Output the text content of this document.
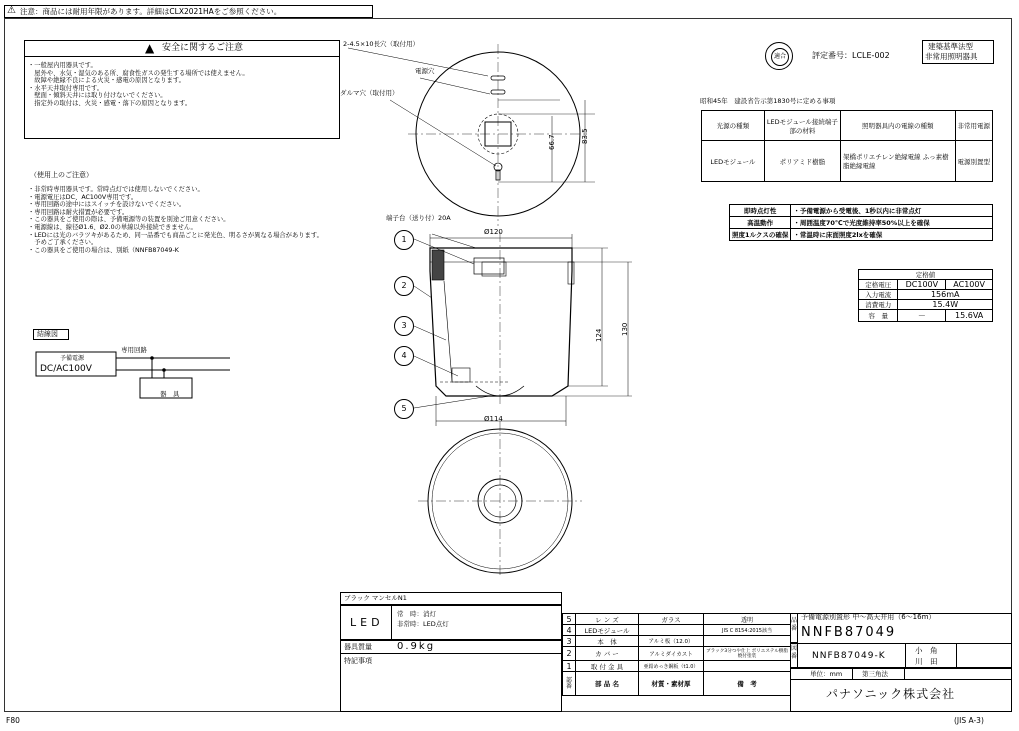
⚠ 注意：商品には耐用年限があります。詳細はCLX2021HAをご参照ください。
▲ 安全に関するご注意
・一般屋内用器具です。
　屋外や、水気・湿気のある所、腐食性ガスの発生する場所では使えません。
　故障や絶縁不良による火災・感電の原因となります。
・水平天井取付専用です。
　壁面・傾斜天井には取り付けないでください。
　指定外の取付は、火災・感電・落下の原因となります。
（使用上のご注意）
・非常時専用器具です。常時点灯では使用しないでください。
・電源電圧はDC、AC100V専用です。
・専用回路の途中にはスイッチを設けないでください。
・専用回路は耐火措置が必要です。
・この器具をご使用の際は、予備電源等の装置を別途ご用意ください。
・電源線は、線径Ø1.6、Ø2.0の単線以外接続できません。
・LEDには光のバラツキがあるため、同一品番でも商品ごとに発光色、明るさが異なる場合があります。
　予めご了承ください。
・この器具をご使用の場合は、別紙（NNFB87049-K
結線図
専用回路
予備電源
DC/AC100V
器　具
2-4.5×10長穴（取付用）
電源穴
ダルマ穴（取付用）
66.7	83.5
端子台（送り付）20A
Ø120
124	130
Ø114
1
2
3
4
5
適合	評定番号：LCLE-002
建築基準法型
非常用照明器具
昭和45年　建設省告示第1830号に定める事項
光源の種類	LEDモジュール接続端子部の材料	照明器具内の電線の種類	非常用電源
LEDモジュール	ポリアミド樹脂	架橋ポリエチレン絶縁電線 ふっ素樹脂絶縁電線	電源別置型
即時点灯性	・予備電源から受電後、1秒以内に非常点灯
高温動作	・周囲温度70℃で光度維持率50%以上を確保
照度1ルクスの確保	・常温時に床面照度2lxを確保
定格値		
定格電圧	DC100V	AC100V
入力電流	156mA	
消費電力	15.4W	
容　量	－	15.6VA
ブラック マンセルN1
LED
常　時：消灯
非常時：LED点灯
器具質量	0.9kg
特記事項
5	レ ン ズ	ガラス	透明
4	LEDモジュール		JIS C 8154:2015該当
3	本　体	アルミ板（12.0）	
2	カ バ ー	アルミダイカスト	ブラック3分つや仕上 ポリエステル樹脂焼付塗装
1	取 付 金 具	亜鉛めっき鋼板（t1.0）	
部番	部 品 名	材質・素材厚	備　考
品番
予備電源別置形 中～高天井用（6～16m）
NNFB87049
図番 NNFB87049-K
小　角
川　田
単位：mm	第三角法
パナソニック株式会社
F80	(JIS A-3)
